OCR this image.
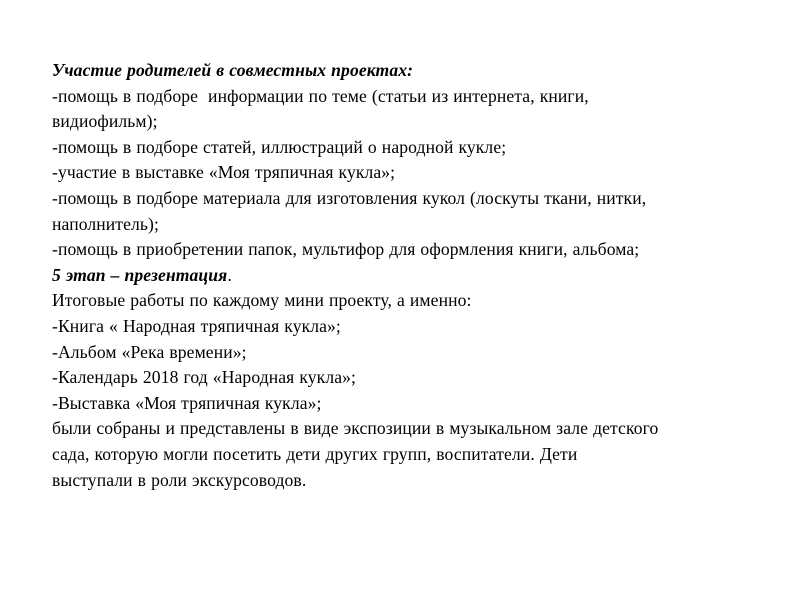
Участие родителей в совместных проектах:
-помощь в подборе  информации по теме (статьи из интернета, книги,
видиофильм);
-помощь в подборе статей, иллюстраций о народной кукле;
-участие в выставке «Моя тряпичная кукла»;
-помощь в подборе материала для изготовления кукол (лоскуты ткани, нитки,
наполнитель);
-помощь в приобретении папок, мультифор для оформления книги, альбома;
5 этап – презентация.
Итоговые работы по каждому мини проекту, а именно:
-Книга « Народная тряпичная кукла»;
-Альбом «Река времени»;
-Календарь 2018 год «Народная кукла»;
-Выставка «Моя тряпичная кукла»;
были собраны и представлены в виде экспозиции в музыкальном зале детского
сада, которую могли посетить дети других групп, воспитатели. Дети
выступали в роли экскурсоводов.
